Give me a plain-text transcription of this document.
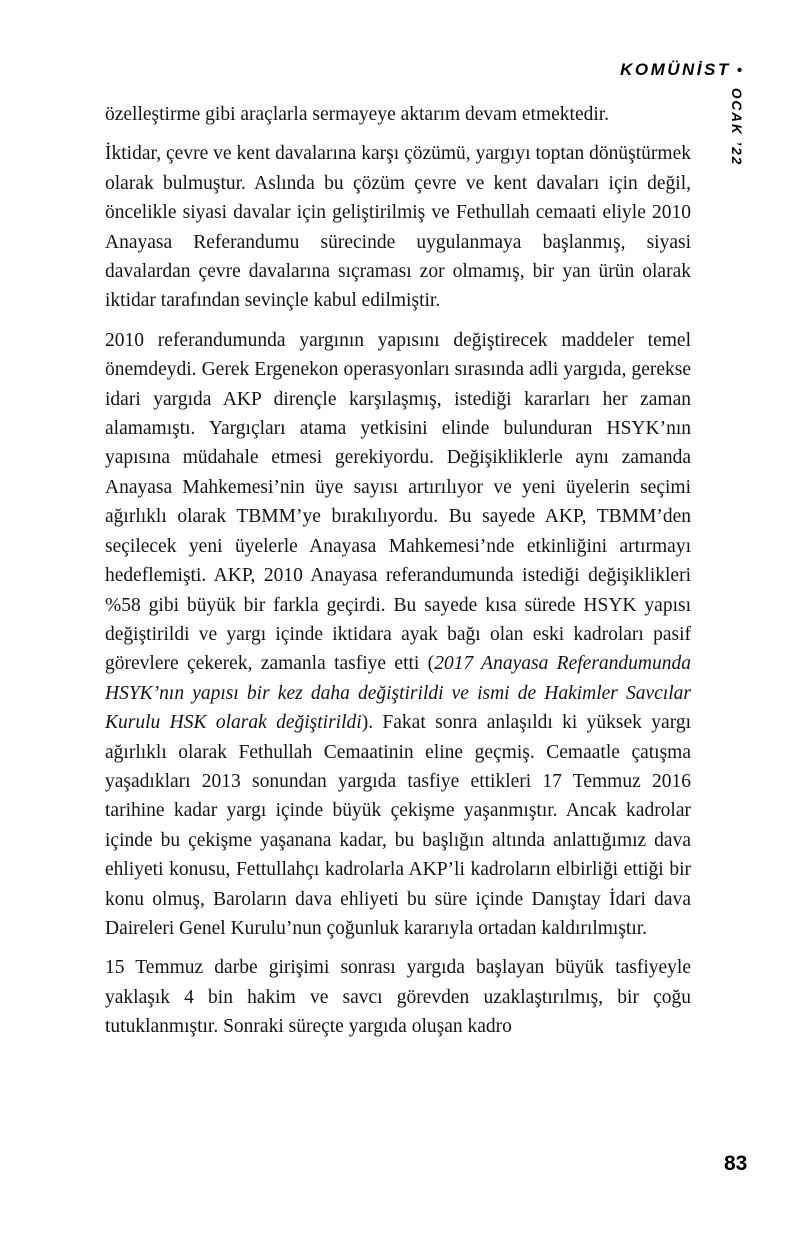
KOMÜNİST •
OCAK ’22

özelleştirme gibi araçlarla sermayeye aktarım devam etmektedir.

İktidar, çevre ve kent davalarına karşı çözümü, yargıyı toptan dönüştürmek olarak bulmuştur. Aslında bu çözüm çevre ve kent davaları için değil, öncelikle siyasi davalar için geliştirilmiş ve Fethullah cemaati eliyle 2010 Anayasa Referandumu sürecinde uygulanmaya başlanmış, siyasi davalardan çevre davalarına sıçraması zor olmamış, bir yan ürün olarak iktidar tarafından sevinçle kabul edilmiştir.

2010 referandumunda yargının yapısını değiştirecek maddeler temel önemdeydi. Gerek Ergenekon operasyonları sırasında adli yargıda, gerekse idari yargıda AKP dirençle karşılaşmış, istediği kararları her zaman alamamıştı. Yargıçları atama yetkisini elinde bulunduran HSYK’nın yapısına müdahale etmesi gerekiyordu. Değişikliklerle aynı zamanda Anayasa Mahkemesi’nin üye sayısı artırılıyor ve yeni üyelerin seçimi ağırlıklı olarak TBMM’ye bırakılıyordu. Bu sayede AKP, TBMM’den seçilecek yeni üyelerle Anayasa Mahkemesi’nde etkinliğini artırmayı hedeflemişti. AKP, 2010 Anayasa referandumunda istediği değişiklikleri %58 gibi büyük bir farkla geçirdi. Bu sayede kısa sürede HSYK yapısı değiştirildi ve yargı içinde iktidara ayak bağı olan eski kadroları pasif görevlere çekerek, zamanla tasfiye etti (2017 Anayasa Referandumunda HSYK’nın yapısı bir kez daha değiştirildi ve ismi de Hakimler Savcılar Kurulu HSK olarak değiştirildi). Fakat sonra anlaşıldı ki yüksek yargı ağırlıklı olarak Fethullah Cemaatinin eline geçmiş. Cemaatle çatışma yaşadıkları 2013 sonundan yargıda tasfiye ettikleri 17 Temmuz 2016 tarihine kadar yargı içinde büyük çekişme yaşanmıştır. Ancak kadrolar içinde bu çekişme yaşanana kadar, bu başlığın altında anlattığımız dava ehliyeti konusu, Fettullahçı kadrolarla AKP’li kadroların elbirliği ettiği bir konu olmuş, Baroların dava ehliyeti bu süre içinde Danıştay İdari dava Daireleri Genel Kurulu’nun çoğunluk kararıyla ortadan kaldırılmıştır.

15 Temmuz darbe girişimi sonrası yargıda başlayan büyük tasfiyeyle yaklaşık 4 bin hakim ve savcı görevden uzaklaştırılmış, bir çoğu tutuklanmıştır. Sonraki süreçte yargıda oluşan kadro

83
